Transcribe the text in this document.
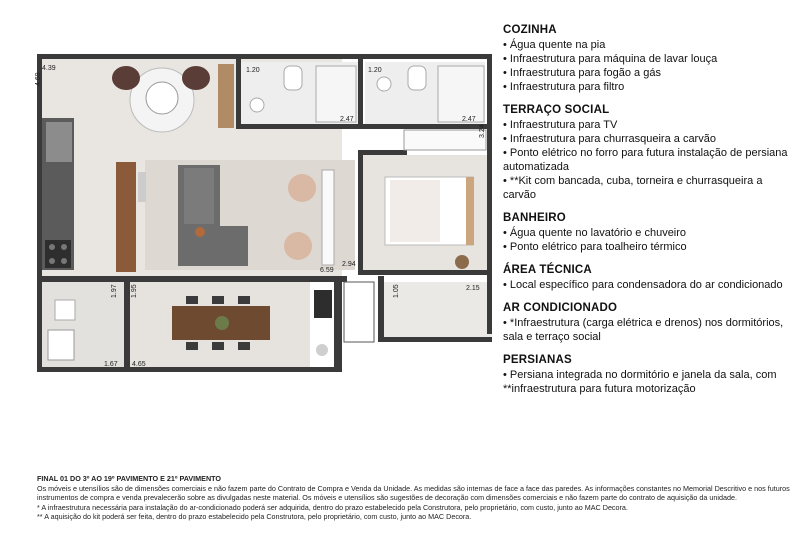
4.39
4.69
1.20
2.47
1.20
2.47
3.24
6.59
2.94
1.97 1.95	1.05	2.15
1.67 4.65
COZINHA
• Água quente na pia
• Infraestrutura para máquina de lavar louça
• Infraestrutura para fogão a gás
• Infraestrutura para filtro
TERRAÇO SOCIAL
• Infraestrutura para TV
• Infraestrutura para churrasqueira a carvão
• Ponto elétrico no forro para futura instalação de persiana automatizada
• **Kit com bancada, cuba, torneira e churrasqueira a carvão
BANHEIRO
• Água quente no lavatório e chuveiro
• Ponto elétrico para toalheiro térmico
ÁREA TÉCNICA
• Local específico para condensadora do ar condicionado
AR CONDICIONADO
• *Infraestrutura (carga elétrica e drenos) nos dormitórios, sala e terraço social
PERSIANAS
• Persiana integrada no dormitório e janela da sala, com **infraestrutura para futura motorização
FINAL 01 DO 3º AO 19º PAVIMENTO E 21º PAVIMENTO
Os móveis e utensílios são de dimensões comerciais e não fazem parte do Contrato de Compra e Venda da Unidade. As medidas são internas de face a face das paredes. As informações constantes no Memorial Descritivo e nos futuros instrumentos de compra e venda prevalecerão sobre as divulgadas neste material. Os móveis e utensílios são sugestões de decoração com dimensões comerciais e não fazem parte do contrato de aquisição da unidade.
* A infraestrutura necessária para instalação do ar-condicionado poderá ser adquirida, dentro do prazo estabelecido pela Construtora, pelo proprietário, com custo, junto ao MAC Decora.
** A aquisição do kit poderá ser feita, dentro do prazo estabelecido pela Construtora, pelo proprietário, com custo, junto ao MAC Decora.
